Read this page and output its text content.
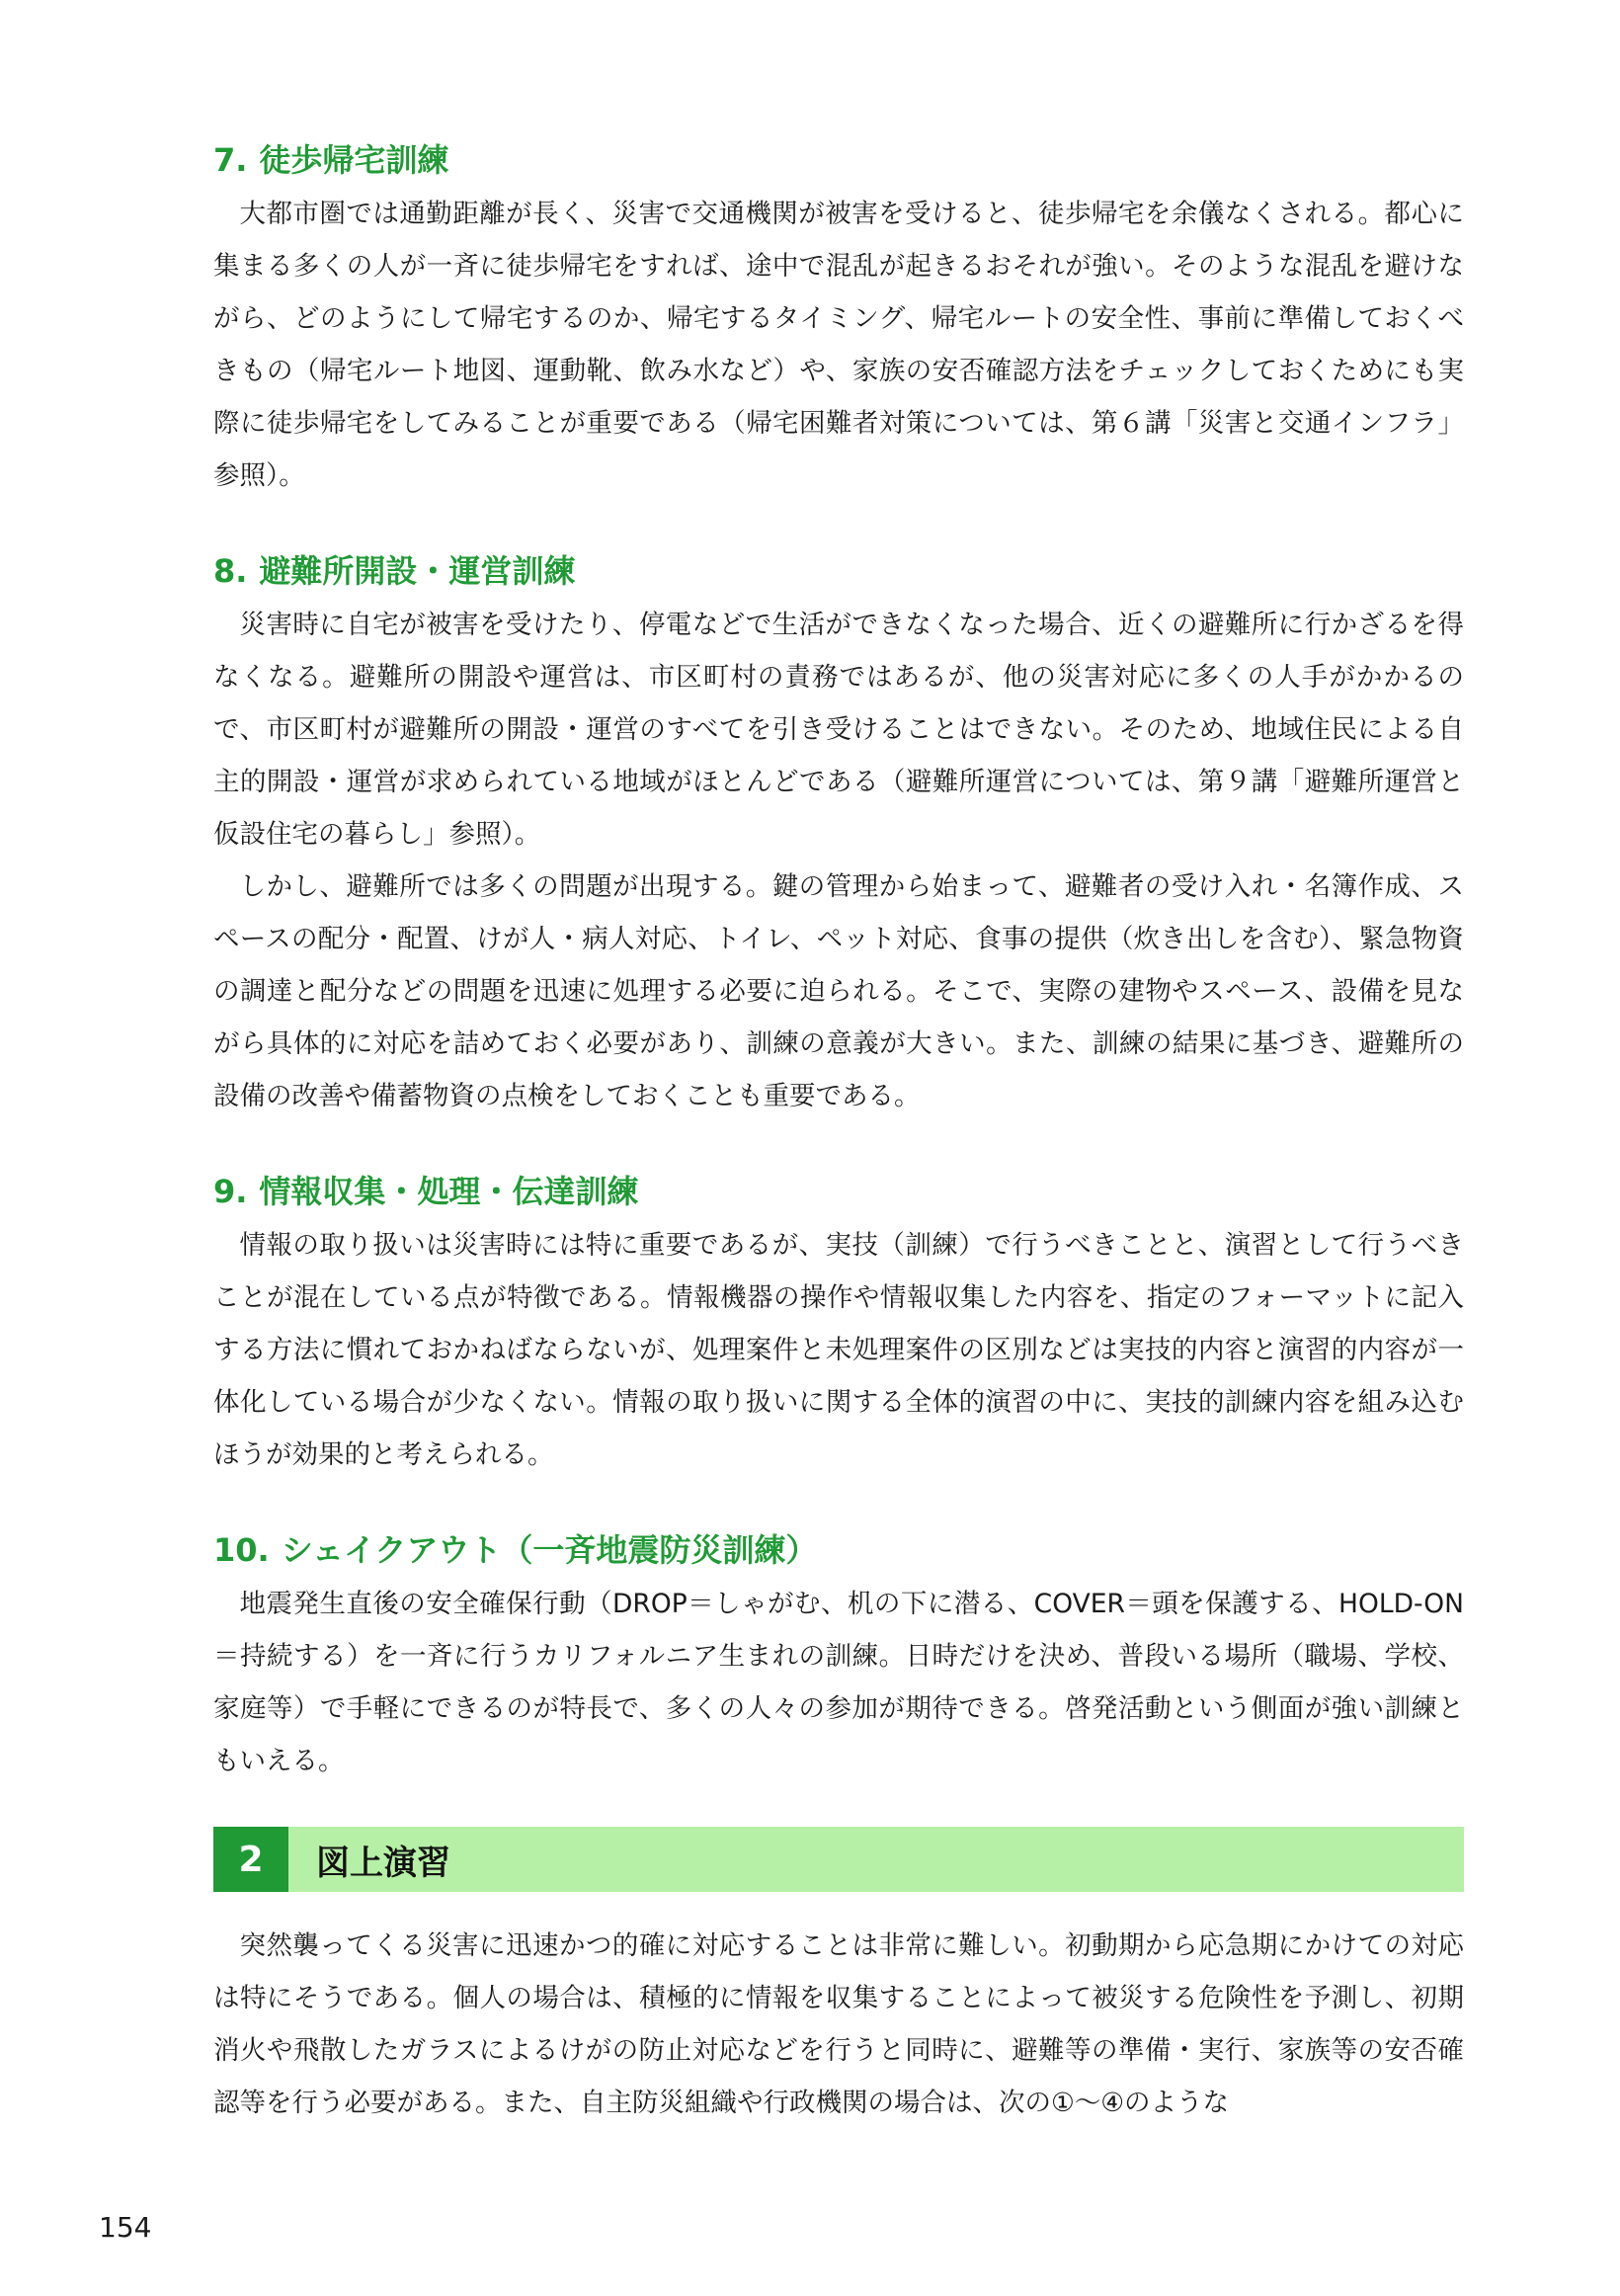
7. 徒歩帰宅訓練

大都市圏では通勤距離が長く、災害で交通機関が被害を受けると、徒歩帰宅を余儀なくされる。都心に集まる多くの人が一斉に徒歩帰宅をすれば、途中で混乱が起きるおそれが強い。そのような混乱を避けながら、どのようにして帰宅するのか、帰宅するタイミング、帰宅ルートの安全性、事前に準備しておくべきもの（帰宅ルート地図、運動靴、飲み水など）や、家族の安否確認方法をチェックしておくためにも実際に徒歩帰宅をしてみることが重要である（帰宅困難者対策については、第６講「災害と交通インフラ」参照）。

8. 避難所開設・運営訓練

災害時に自宅が被害を受けたり、停電などで生活ができなくなった場合、近くの避難所に行かざるを得なくなる。避難所の開設や運営は、市区町村の責務ではあるが、他の災害対応に多くの人手がかかるので、市区町村が避難所の開設・運営のすべてを引き受けることはできない。そのため、地域住民による自主的開設・運営が求められている地域がほとんどである（避難所運営については、第９講「避難所運営と仮設住宅の暮らし」参照）。

しかし、避難所では多くの問題が出現する。鍵の管理から始まって、避難者の受け入れ・名簿作成、スペースの配分・配置、けが人・病人対応、トイレ、ペット対応、食事の提供（炊き出しを含む）、緊急物資の調達と配分などの問題を迅速に処理する必要に迫られる。そこで、実際の建物やスペース、設備を見ながら具体的に対応を詰めておく必要があり、訓練の意義が大きい。また、訓練の結果に基づき、避難所の設備の改善や備蓄物資の点検をしておくことも重要である。

9. 情報収集・処理・伝達訓練

情報の取り扱いは災害時には特に重要であるが、実技（訓練）で行うべきことと、演習として行うべきことが混在している点が特徴である。情報機器の操作や情報収集した内容を、指定のフォーマットに記入する方法に慣れておかねばならないが、処理案件と未処理案件の区別などは実技的内容と演習的内容が一体化している場合が少なくない。情報の取り扱いに関する全体的演習の中に、実技的訓練内容を組み込むほうが効果的と考えられる。

10. シェイクアウト（一斉地震防災訓練）

地震発生直後の安全確保行動（DROP＝しゃがむ、机の下に潜る、COVER＝頭を保護する、HOLD-ON＝持続する）を一斉に行うカリフォルニア生まれの訓練。日時だけを決め、普段いる場所（職場、学校、家庭等）で手軽にできるのが特長で、多くの人々の参加が期待できる。啓発活動という側面が強い訓練ともいえる。

2	図上演習

突然襲ってくる災害に迅速かつ的確に対応することは非常に難しい。初動期から応急期にかけての対応は特にそうである。個人の場合は、積極的に情報を収集することによって被災する危険性を予測し、初期消火や飛散したガラスによるけがの防止対応などを行うと同時に、避難等の準備・実行、家族等の安否確認等を行う必要がある。また、自主防災組織や行政機関の場合は、次の①～④のような

154
